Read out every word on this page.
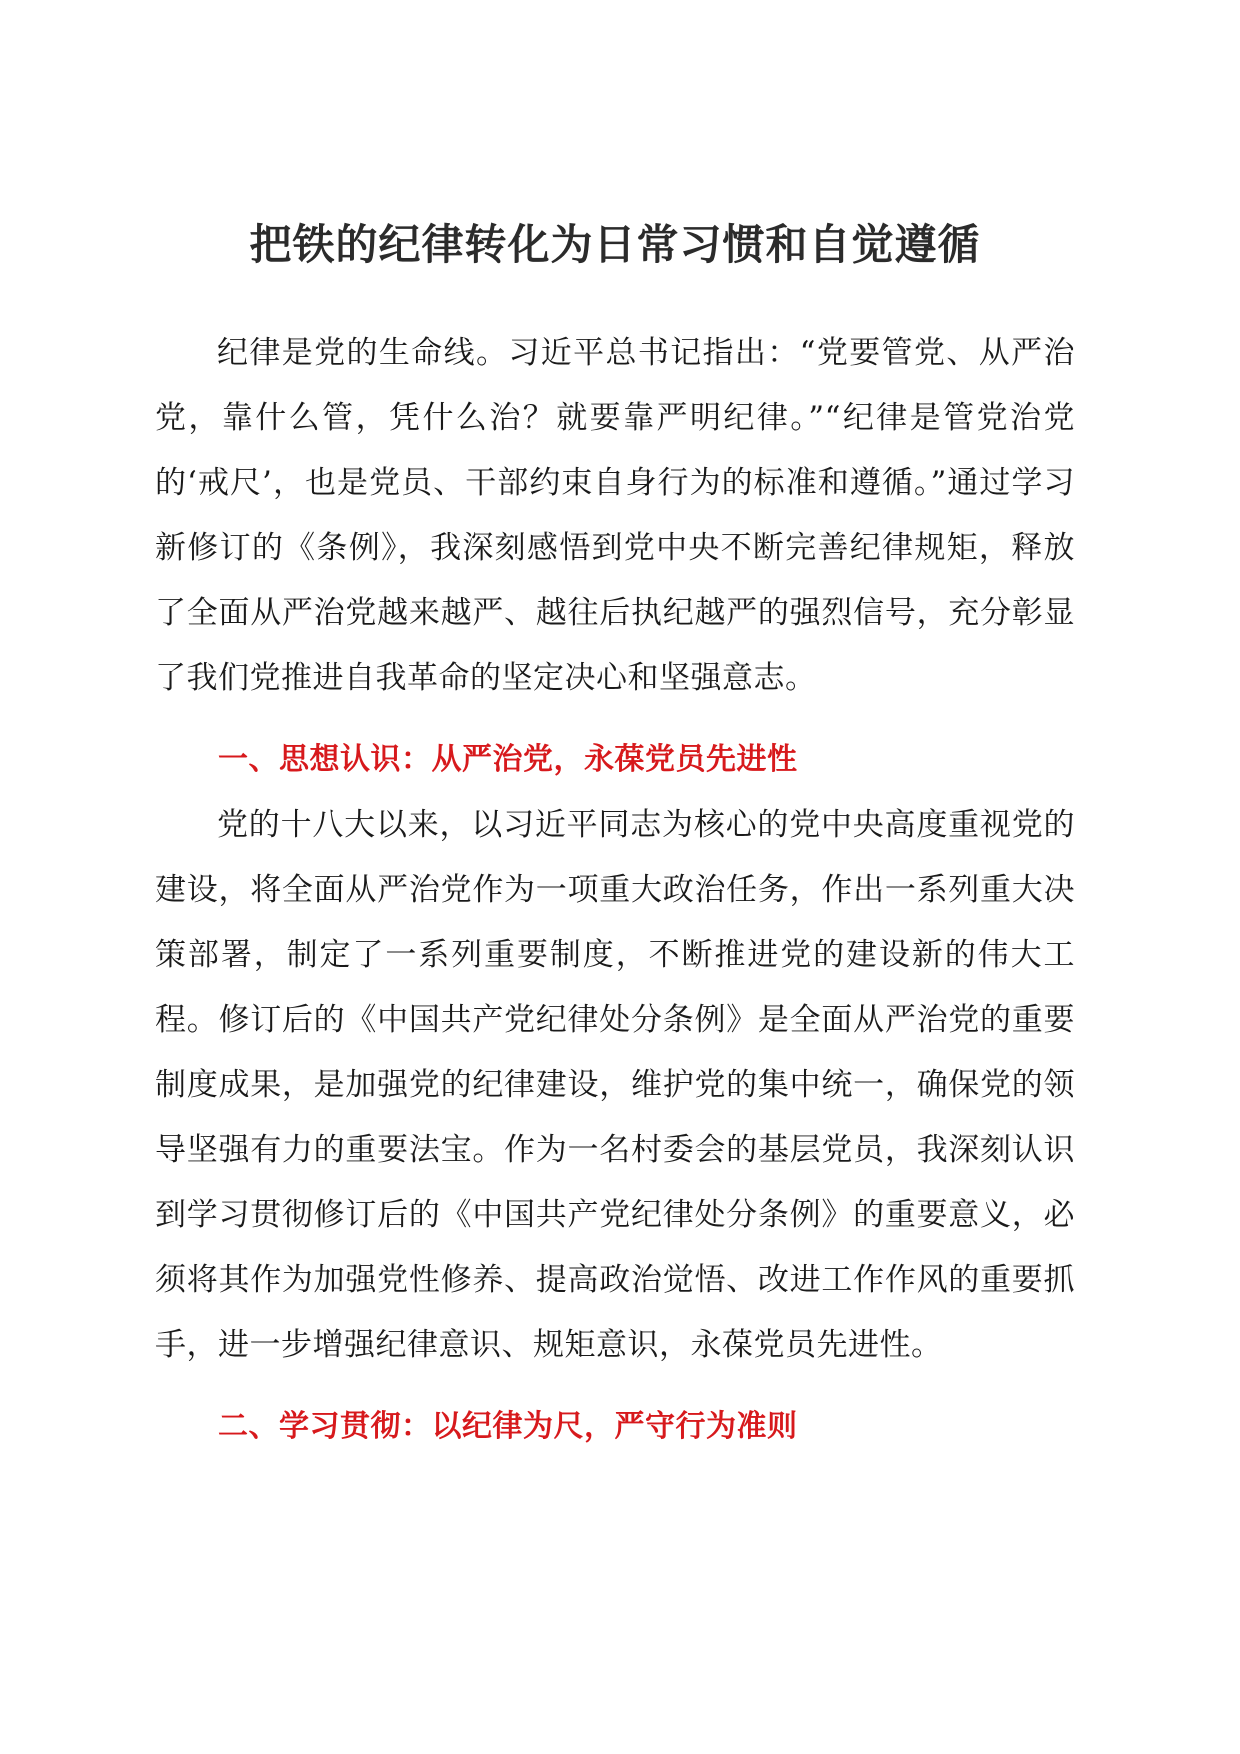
把铁的纪律转化为日常习惯和自觉遵循

纪律是党的生命线。习近平总书记指出：“党要管党、从严治党，靠什么管，凭什么治？就要靠严明纪律。”“纪律是管党治党的‘戒尺’，也是党员、干部约束自身行为的标准和遵循。”通过学习新修订的《条例》，我深刻感悟到党中央不断完善纪律规矩，释放了全面从严治党越来越严、越往后执纪越严的强烈信号，充分彰显了我们党推进自我革命的坚定决心和坚强意志。

一、思想认识：从严治党，永葆党员先进性

党的十八大以来，以习近平同志为核心的党中央高度重视党的建设，将全面从严治党作为一项重大政治任务，作出一系列重大决策部署，制定了一系列重要制度，不断推进党的建设新的伟大工程。修订后的《中国共产党纪律处分条例》是全面从严治党的重要制度成果，是加强党的纪律建设，维护党的集中统一，确保党的领导坚强有力的重要法宝。作为一名村委会的基层党员，我深刻认识到学习贯彻修订后的《中国共产党纪律处分条例》的重要意义，必须将其作为加强党性修养、提高政治觉悟、改进工作作风的重要抓手，进一步增强纪律意识、规矩意识，永葆党员先进性。

二、学习贯彻：以纪律为尺，严守行为准则
